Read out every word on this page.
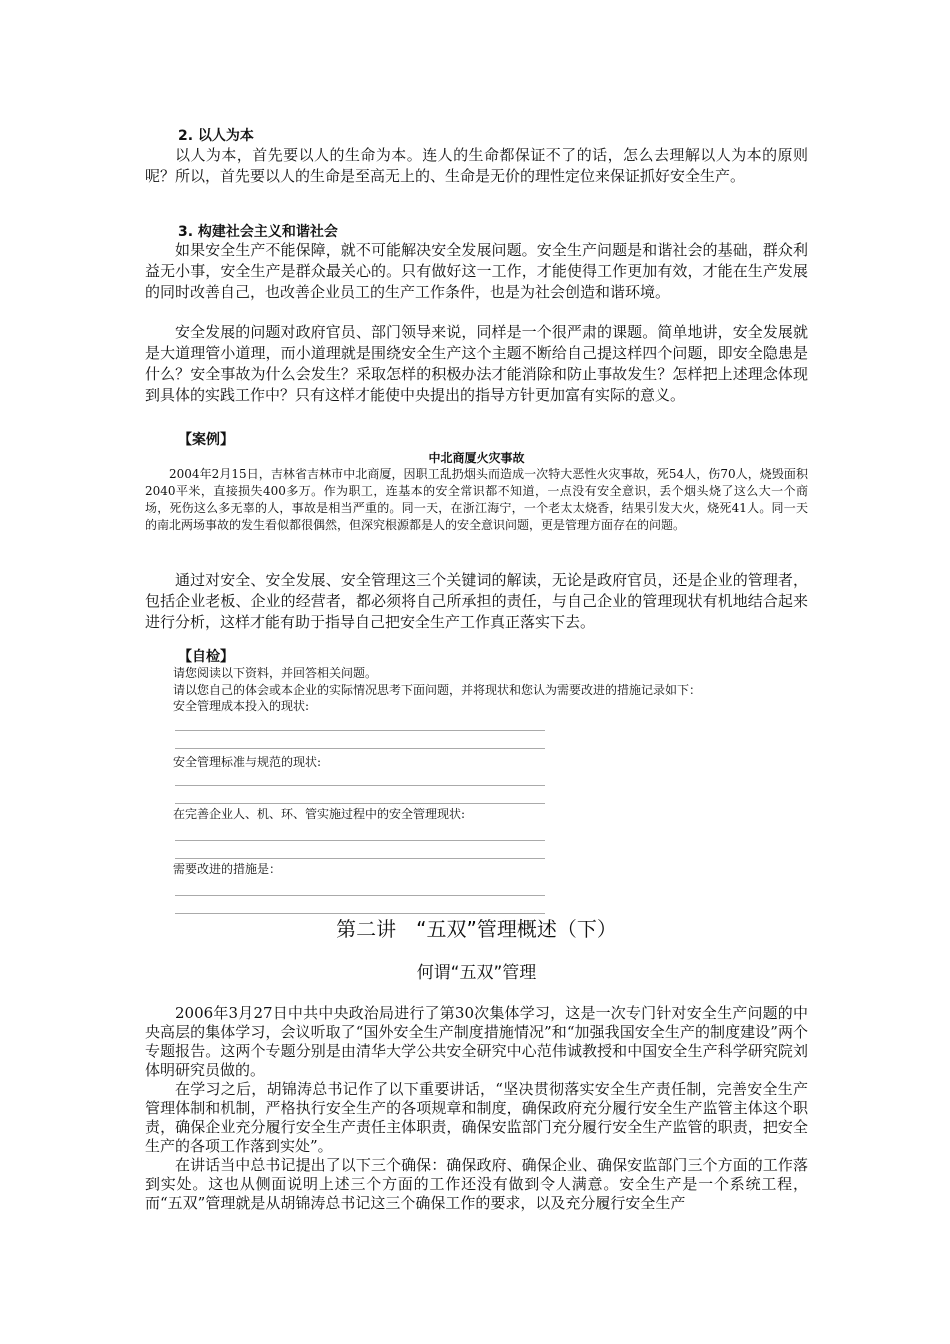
2. 以人为本
以人为本，首先要以人的生命为本。连人的生命都保证不了的话，怎么去理解以人为本的原则呢？所以，首先要以人的生命是至高无上的、生命是无价的理性定位来保证抓好安全生产。
3. 构建社会主义和谐社会
如果安全生产不能保障，就不可能解决安全发展问题。安全生产问题是和谐社会的基础，群众利益无小事，安全生产是群众最关心的。只有做好这一工作，才能使得工作更加有效，才能在生产发展的同时改善自己，也改善企业员工的生产工作条件，也是为社会创造和谐环境。
安全发展的问题对政府官员、部门领导来说，同样是一个很严肃的课题。简单地讲，安全发展就是大道理管小道理，而小道理就是围绕安全生产这个主题不断给自己提这样四个问题，即安全隐患是什么？安全事故为什么会发生？采取怎样的积极办法才能消除和防止事故发生？怎样把上述理念体现到具体的实践工作中？只有这样才能使中央提出的指导方针更加富有实际的意义。
【案例】
中北商厦火灾事故
2004年2月15日，吉林省吉林市中北商厦，因职工乱扔烟头而造成一次特大恶性火灾事故，死54人，伤70人，烧毁面积2040平米，直接损失400多万。作为职工，连基本的安全常识都不知道，一点没有安全意识，丢个烟头烧了这么大一个商场，死伤这么多无辜的人，事故是相当严重的。同一天，在浙江海宁，一个老太太烧香，结果引发大火，烧死41人。同一天的南北两场事故的发生看似都很偶然，但深究根源都是人的安全意识问题，更是管理方面存在的问题。
通过对安全、安全发展、安全管理这三个关键词的解读，无论是政府官员，还是企业的管理者，包括企业老板、企业的经营者，都必须将自己所承担的责任，与自己企业的管理现状有机地结合起来进行分析，这样才能有助于指导自己把安全生产工作真正落实下去。
【自检】
请您阅读以下资料，并回答相关问题。
请以您自己的体会或本企业的实际情况思考下面问题，并将现状和您认为需要改进的措施记录如下：
安全管理成本投入的现状:
安全管理标准与规范的现状:
在完善企业人、机、环、管实施过程中的安全管理现状:
需要改进的措施是：
第二讲　“五双”管理概述（下）
何谓“五双”管理
2006年3月27日中共中央政治局进行了第30次集体学习，这是一次专门针对安全生产问题的中央高层的集体学习，会议听取了“国外安全生产制度措施情况”和“加强我国安全生产的制度建设”两个专题报告。这两个专题分别是由清华大学公共安全研究中心范伟诚教授和中国安全生产科学研究院刘体明研究员做的。
在学习之后，胡锦涛总书记作了以下重要讲话，“坚决贯彻落实安全生产责任制，完善安全生产管理体制和机制，严格执行安全生产的各项规章和制度，确保政府充分履行安全生产监管主体这个职责，确保企业充分履行安全生产责任主体职责，确保安监部门充分履行安全生产监管的职责，把安全生产的各项工作落到实处”。
在讲话当中总书记提出了以下三个确保：确保政府、确保企业、确保安监部门三个方面的工作落到实处。这也从侧面说明上述三个方面的工作还没有做到令人满意。安全生产是一个系统工程，而“五双”管理就是从胡锦涛总书记这三个确保工作的要求，以及充分履行安全生产
